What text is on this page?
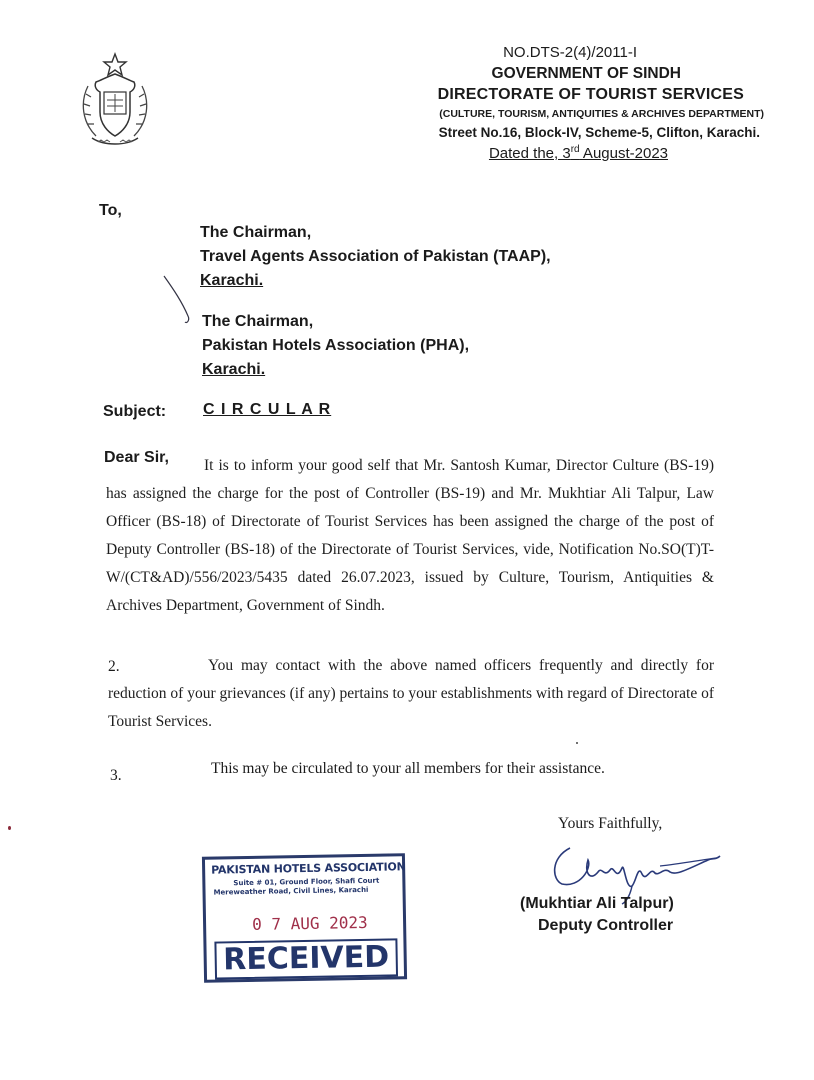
NO.DTS-2(4)/2011-I
GOVERNMENT OF SINDH
DIRECTORATE OF TOURIST SERVICES
(CULTURE, TOURISM, ANTIQUITIES & ARCHIVES DEPARTMENT)
Street No.16, Block-IV, Scheme-5, Clifton, Karachi.
Dated the, 3rd August-2023
To,
The Chairman,
Travel Agents Association of Pakistan (TAAP),
Karachi.
The Chairman,
Pakistan Hotels Association (PHA),
Karachi.
Subject: C I R C U L A R
Dear Sir,	It is to inform your good self that Mr. Santosh Kumar, Director Culture (BS-19) has assigned the charge for the post of Controller (BS-19) and Mr. Mukhtiar Ali Talpur, Law Officer (BS-18) of Directorate of Tourist Services has been assigned the charge of the post of Deputy Controller (BS-18) of the Directorate of Tourist Services, vide, Notification No.SO(T)T-W/(CT&AD)/556/2023/5435 dated 26.07.2023, issued by Culture, Tourism, Antiquities & Archives Department, Government of Sindh.
2.	You may contact with the above named officers frequently and directly for reduction of your grievances (if any) pertains to your establishments with regard of Directorate of Tourist Services.
3.	This may be circulated to your all members for their assistance.
Yours Faithfully,
(Mukhtiar Ali Talpur)
Deputy Controller
PAKISTAN HOTELS ASSOCIATION
Suite # 01, Ground Floor, Shafi Court
Mereweather Road, Civil Lines, Karachi
0 7 AUG 2023
RECEIVED
